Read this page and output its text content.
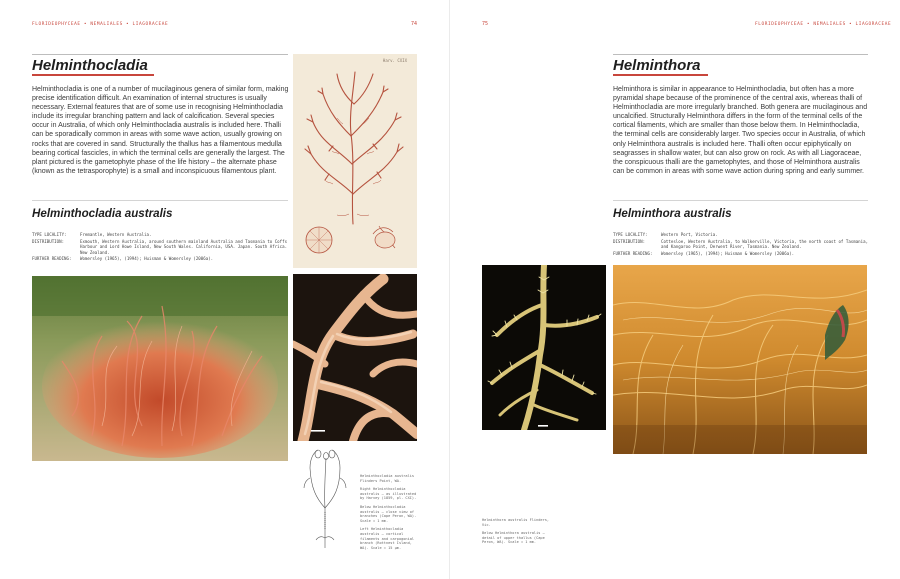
FLORIDEOPHYCEAE • NEMALIALES • LIAGORACEAE	74
Helminthocladia
Helminthocladia is one of a number of mucilaginous genera of similar form, making precise identification difficult. An examination of internal structures is usually necessary. External features that are of some use in recognising Helminthocladia include its irregular branching pattern and lack of calcification. Several species occur in Australia, of which only Helminthocladia australis is included here. Thalli can be sporadically common in areas with some wave action, usually growing on rocks that are covered in sand. Structurally the thallus has a filamentous medulla bearing cortical fascicles, in which the terminal cells are generally the largest. The plant pictured is the gametophyte phase of the life history – the alternate phase (known as the tetrasporophyte) is a small and inconspicuous filamentous plant.
Helminthocladia australis
TYPE LOCALITY:	Fremantle, Western Australia.
DISTRIBUTION:	Exmouth, Western Australia, around southern mainland Australia and Tasmania to Coffs Harbour and Lord Howe Island, New South Wales. California, USA. Japan. South Africa. New Zealand.
FURTHER READING:	Womersley (1965), (1994); Huisman & Womersley (2006a).
Harv. CXIX

Helminthocladia australis Flinders Point, WA.

Right Helminthocladia australis – as illustrated by Harvey (1859, pl. CXI).

Below Helminthocladia australis – close view of branches (Cape Peron, WA). Scale = 1 mm.

Left Helminthocladia australis – cortical filaments and carpogonial branch (Rottnest Island, WA). Scale = 15 µm.

75	FLORIDEOPHYCEAE • NEMALIALES • LIAGORACEAE
Helminthora
Helminthora is similar in appearance to Helminthocladia, but often has a more pyramidal shape because of the prominence of the central axis, whereas thalli of Helminthocladia are more irregularly branched. Both genera are mucilaginous and uncalcified. Structurally Helminthora differs in the form of the terminal cells of the cortical filaments, which are smaller than those below them. In Helminthocladia, the terminal cells are considerably larger. Two species occur in Australia, of which only Helminthora australis is included here. Thalli often occur epiphytically on seagrasses in shallow water, but can also grow on rock. As with all Liagoraceae, the conspicuous thalli are the gametophytes, and those of Helminthora australis can be common in areas with some wave action during spring and early summer.
Helminthora australis
TYPE LOCALITY:	Western Port, Victoria.
DISTRIBUTION:	Cottesloe, Western Australia, to Walkerville, Victoria, the north coast of Tasmania, and Kangaroo Point, Derwent River, Tasmania. New Zealand.
FURTHER READING:	Womersley (1965), (1994); Huisman & Womersley (2006a).

Helminthora australis Flinders, Vic.

Below Helminthora australis – detail of upper thallus (Cape Peron, WA). Scale = 1 mm.
